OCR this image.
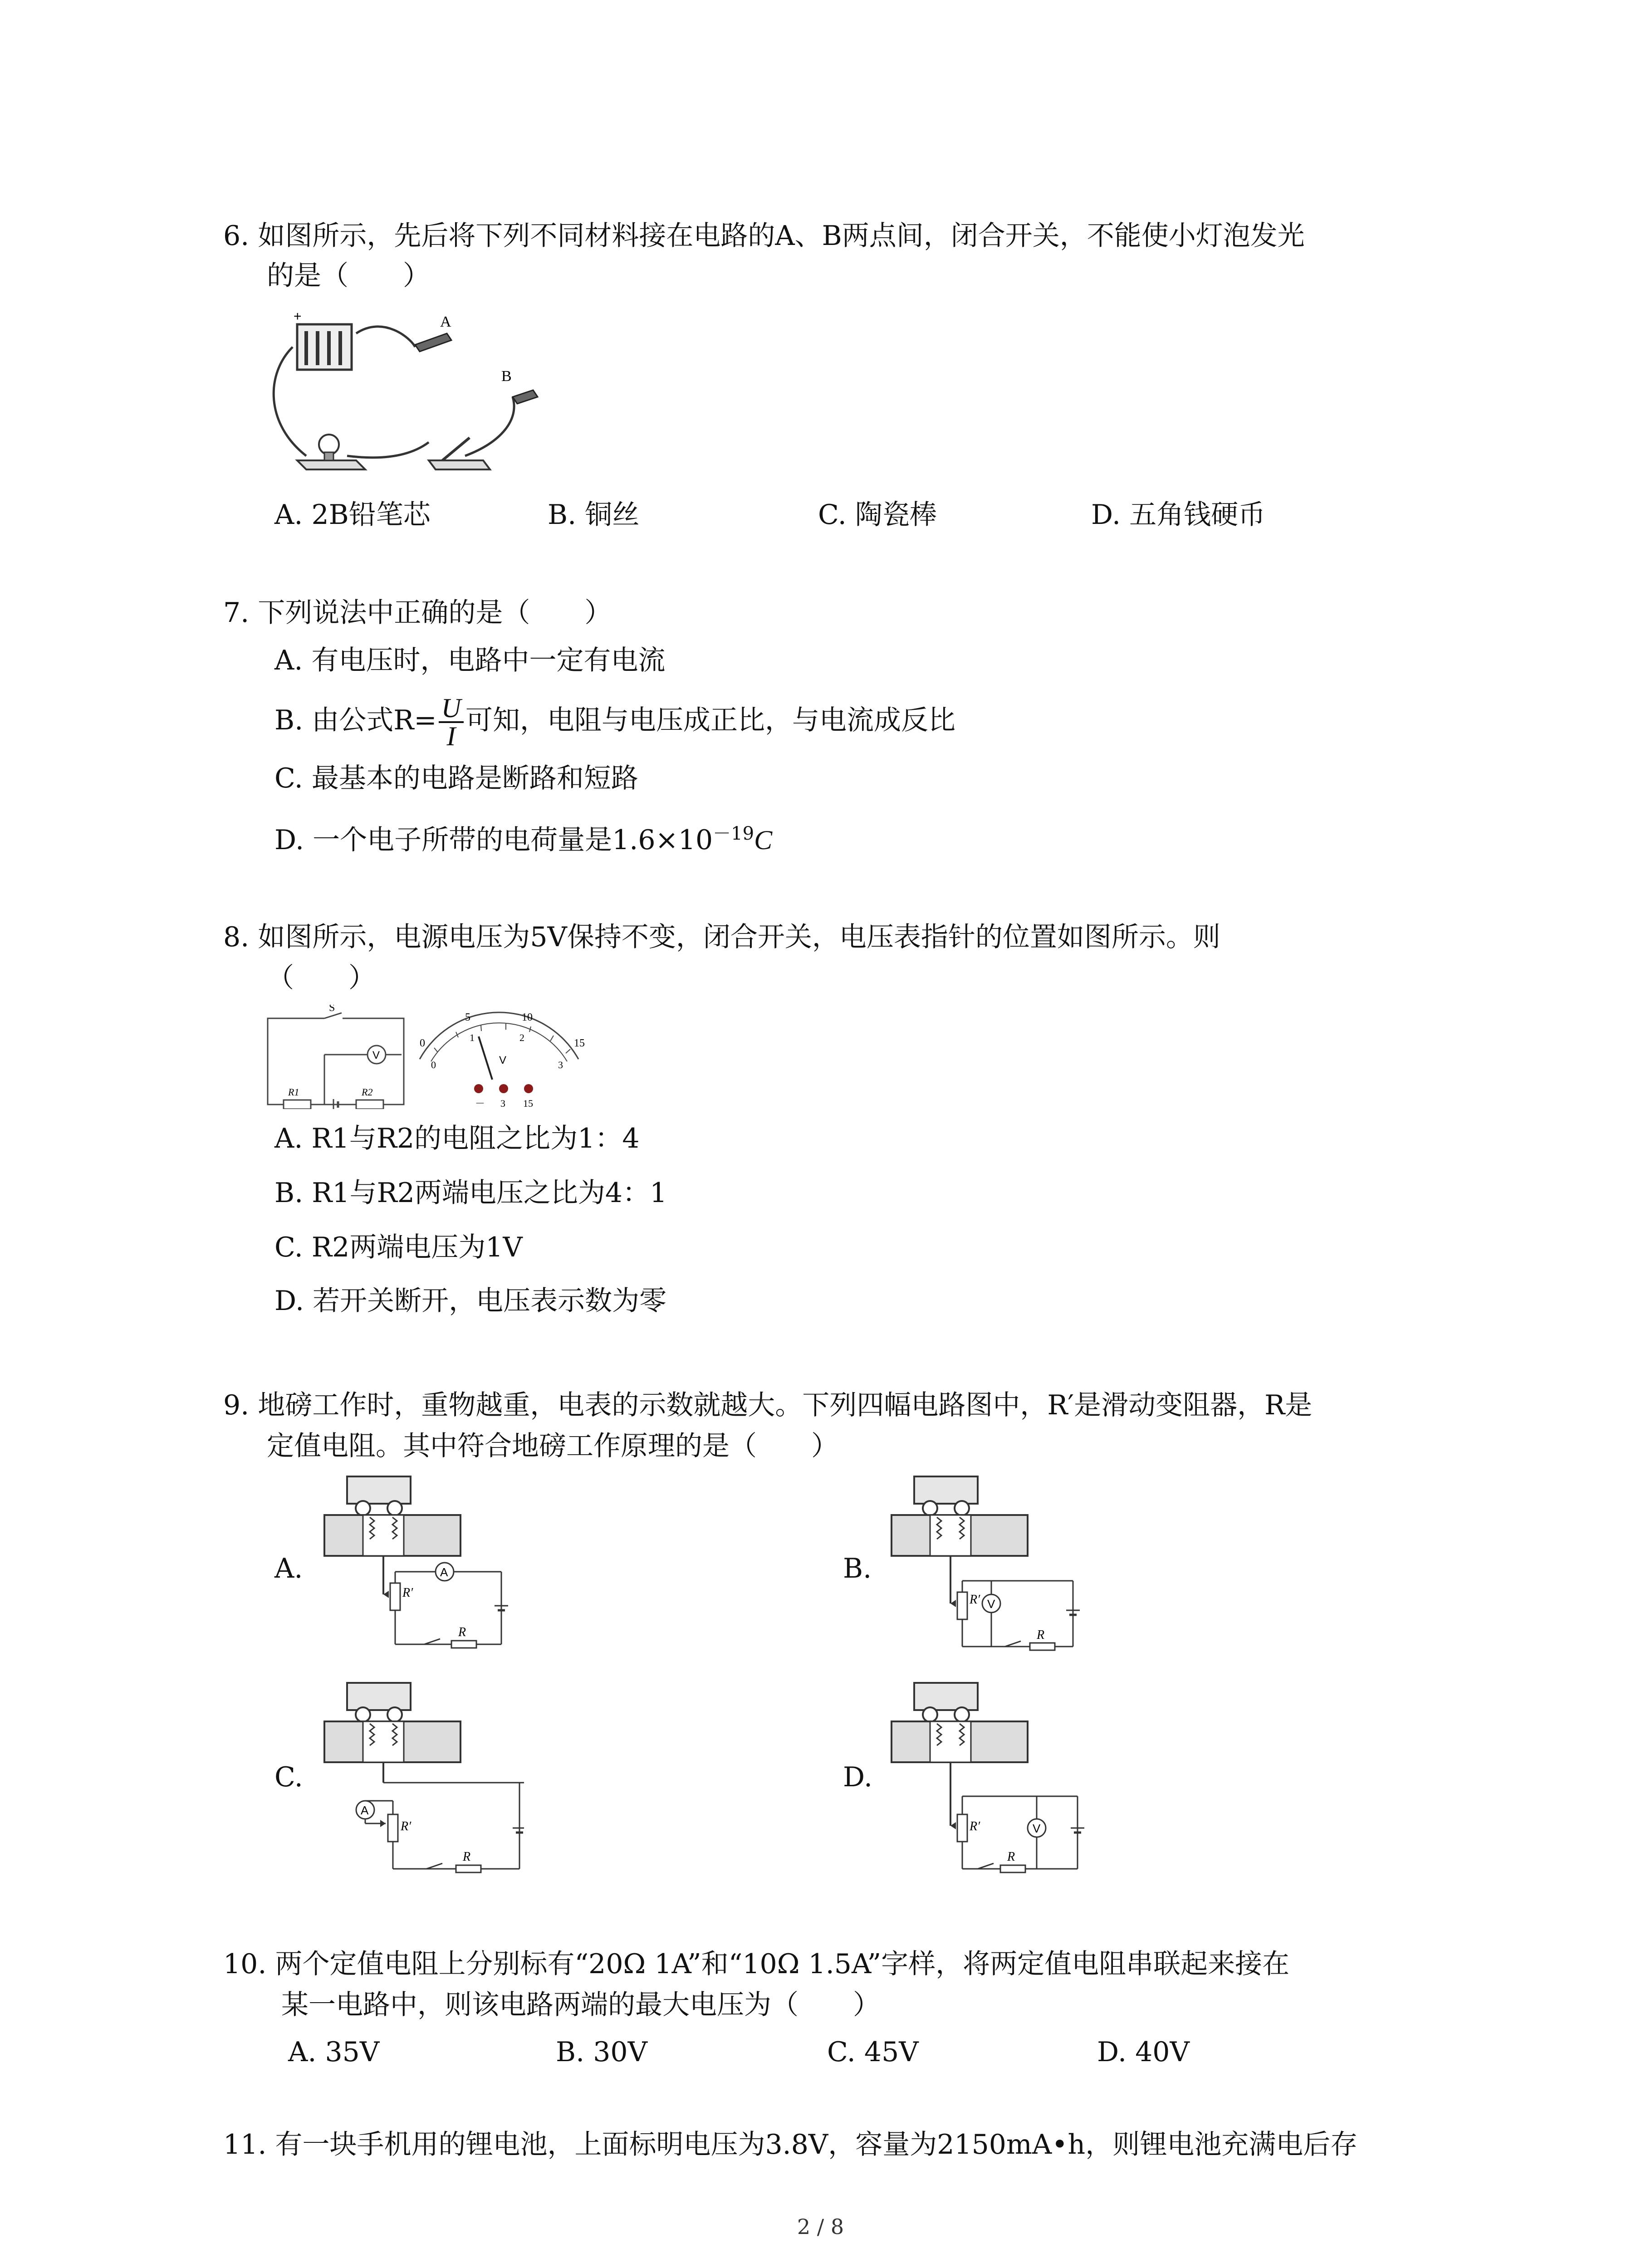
6. 如图所示，先后将下列不同材料接在电路的A、B两点间，闭合开关，不能使小灯泡发光
的是（　　）
+	A
B
A. 2B铅笔芯	B. 铜丝	C. 陶瓷棒	D. 五角钱硬币
7. 下列说法中正确的是（　　）
A. 有电压时，电路中一定有电流
B. 由公式$R= \frac{U}{I}$ 可知，电阻与电压成正比，与电流成反比
C. 最基本的电路是断路和短路
D. 一个电子所带的电荷量是$1.6\times 10^{-19}C$
8. 如图所示，电源电压为5V保持不变，闭合开关，电压表指针的位置如图所示。则
（　　）
S
V
R1	R2
0
5	10
15
0
1	2
3
V
－ 3 15
A. R1与R2的电阻之比为1：4
B. R1与R2两端电压之比为4：1
C. R2两端电压为1V
D. 若开关断开，电压表示数为零
9. 地磅工作时，重物越重，电表的示数就越大。下列四幅电路图中，R′是滑动变阻器，R是
定值电阻。其中符合地磅工作原理的是（　　）
A.	B.
C.	D.
R′
A
R
R′ V
R
A
R′
R
R′	V
R
10. 两个定值电阻上分别标有“20Ω 1A”和“10Ω 1.5A”字样，将两定值电阻串联起来接在
某一电路中，则该电路两端的最大电压为（　　）
A. 35V	B. 30V	C. 45V	D. 40V
11. 有一块手机用的锂电池，上面标明电压为3.8V，容量为2150mA•h，则锂电池充满电后存
2 / 8
